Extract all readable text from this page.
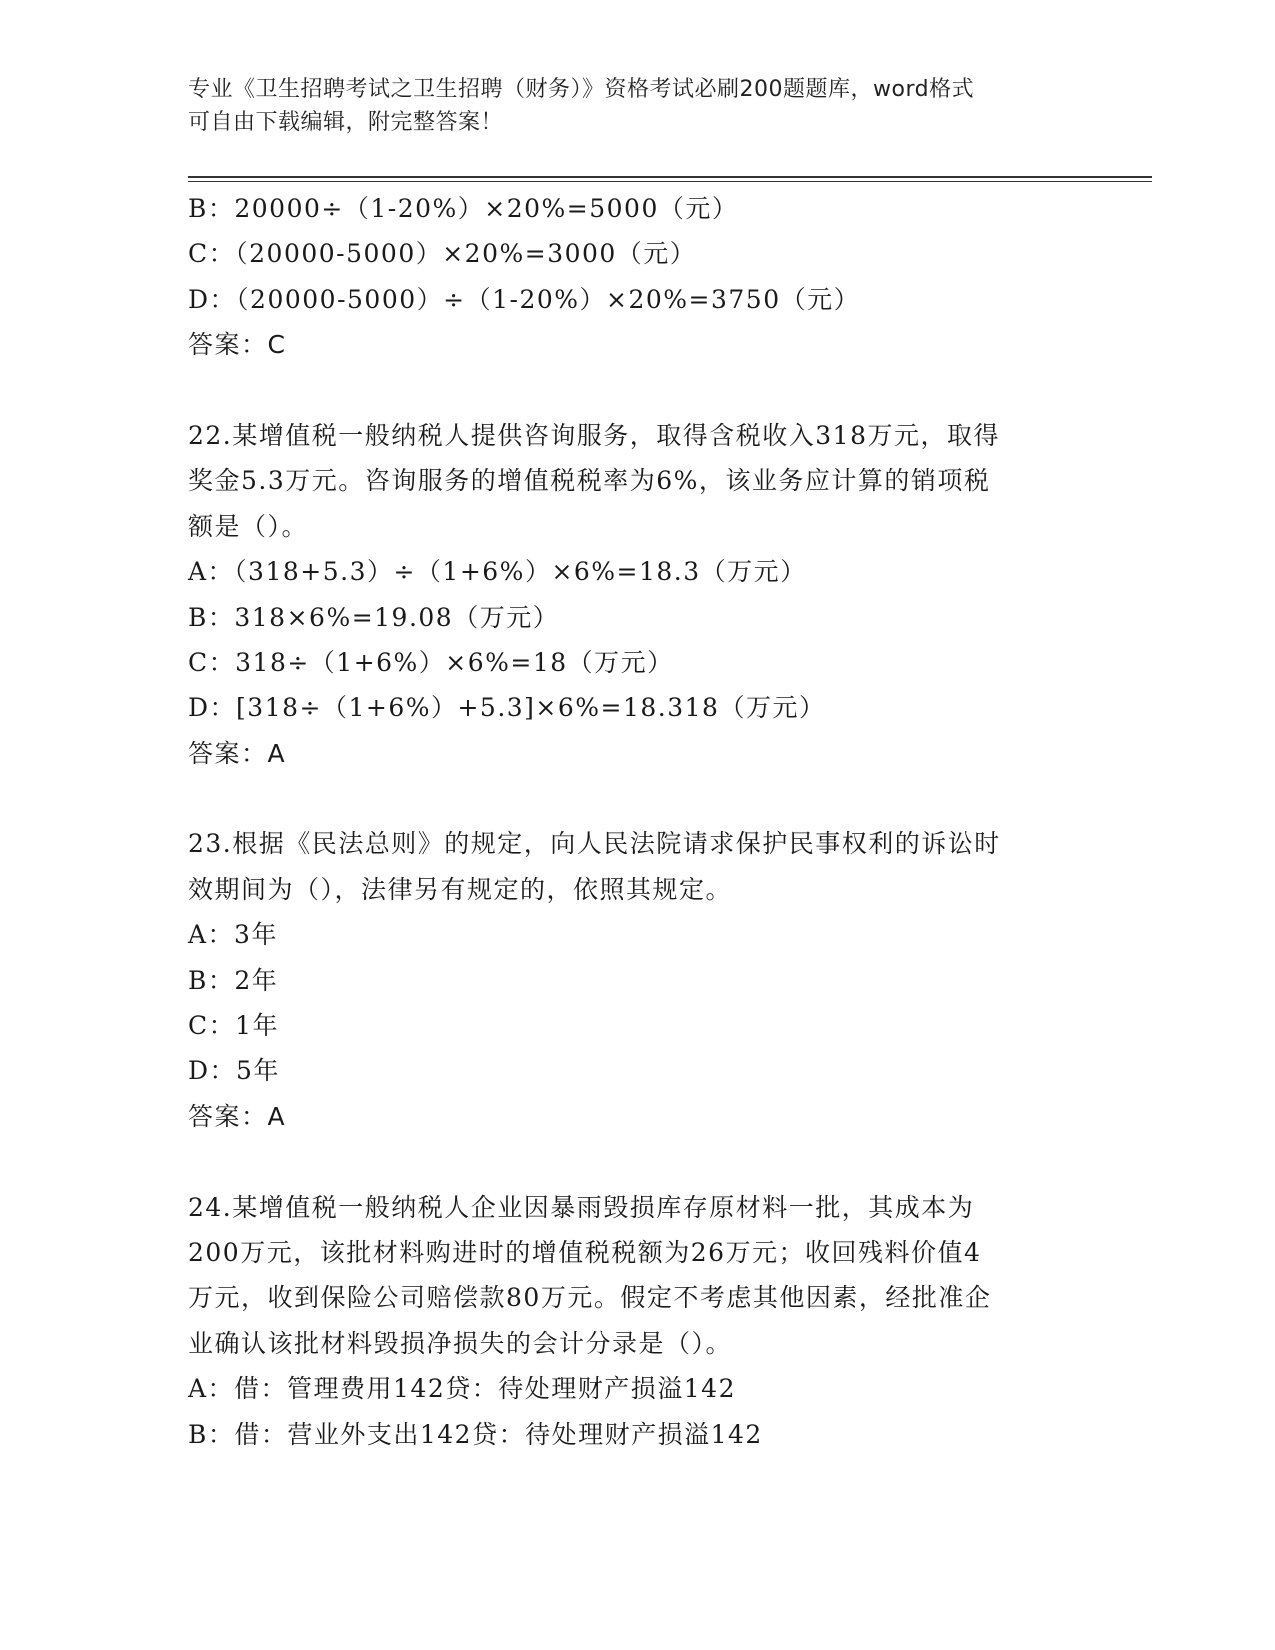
专业《卫生招聘考试之卫生招聘（财务）》资格考试必刷200题题库，word格式
可自由下载编辑，附完整答案！
B：20000÷（1-20%）×20%=5000（元）
C：（20000-5000）×20%=3000（元）
D：（20000-5000）÷（1-20%）×20%=3750（元）
答案：C
22.某增值税一般纳税人提供咨询服务，取得含税收入318万元，取得
奖金5.3万元。咨询服务的增值税税率为6%，该业务应计算的销项税
额是（）。
A：（318+5.3）÷（1+6%）×6%=18.3（万元）
B：318×6%=19.08（万元）
C：318÷（1+6%）×6%=18（万元）
D：[318÷（1+6%）+5.3]×6%=18.318（万元）
答案：A
23.根据《民法总则》的规定，向人民法院请求保护民事权利的诉讼时
效期间为（），法律另有规定的，依照其规定。
A：3年
B：2年
C：1年
D：5年
答案：A
24.某增值税一般纳税人企业因暴雨毁损库存原材料一批，其成本为
200万元，该批材料购进时的增值税税额为26万元；收回残料价值4
万元，收到保险公司赔偿款80万元。假定不考虑其他因素，经批准企
业确认该批材料毁损净损失的会计分录是（）。
A：借：管理费用142贷：待处理财产损溢142
B：借：营业外支出142贷：待处理财产损溢142
